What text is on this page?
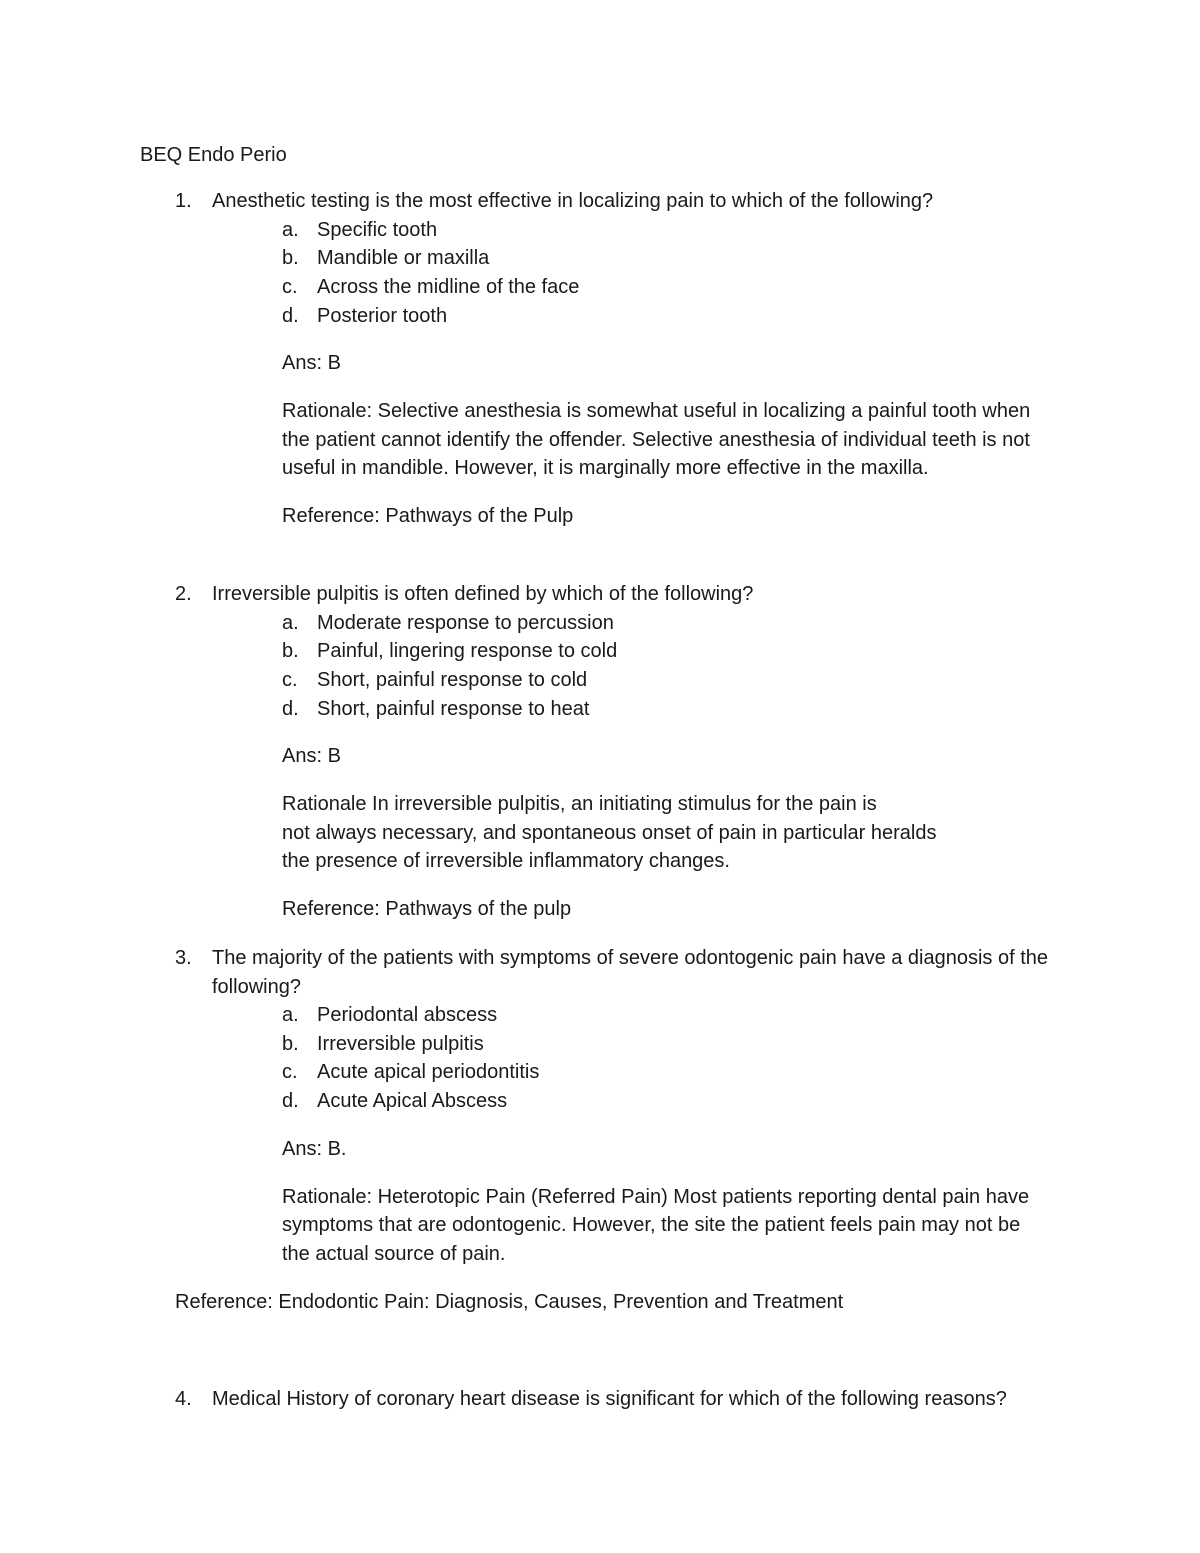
BEQ Endo Perio
1. Anesthetic testing is the most effective in localizing pain to which of the following?
a. Specific tooth
b. Mandible or maxilla
c. Across the midline of the face
d. Posterior tooth
Ans: B
Rationale: Selective anesthesia is somewhat useful in localizing a painful tooth when the patient cannot identify the offender. Selective anesthesia of individual teeth is not useful in mandible. However, it is marginally more effective in the maxilla.
Reference: Pathways of the Pulp
2. Irreversible pulpitis is often defined by which of the following?
a. Moderate response to percussion
b. Painful, lingering response to cold
c. Short, painful response to cold
d. Short, painful response to heat
Ans: B
Rationale In irreversible pulpitis, an initiating stimulus for the pain is
not always necessary, and spontaneous onset of pain in particular heralds
the presence of irreversible inflammatory changes.
Reference: Pathways of the pulp
3. The majority of the patients with symptoms of severe odontogenic pain have a diagnosis of the following?
a. Periodontal abscess
b. Irreversible pulpitis
c. Acute apical periodontitis
d. Acute Apical Abscess
Ans: B.
Rationale: Heterotopic Pain (Referred Pain) Most patients reporting dental pain have symptoms that are odontogenic. However, the site the patient feels pain may not be the actual source of pain.
Reference: Endodontic Pain: Diagnosis, Causes, Prevention and Treatment
4. Medical History of coronary heart disease is significant for which of the following reasons?
